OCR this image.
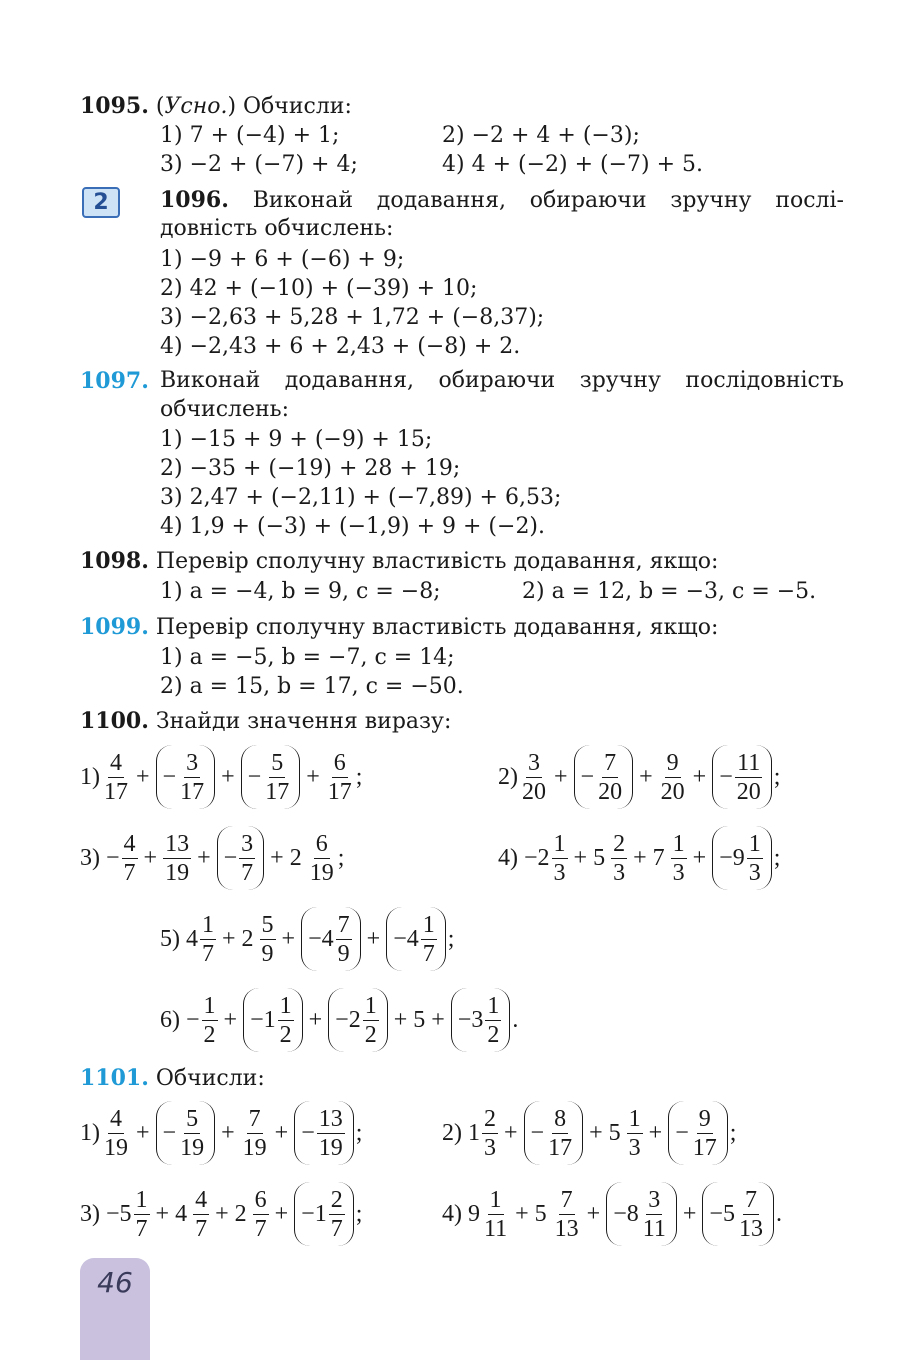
1095. (Усно.) Обчисли:
1) 7 + (−4) + 1;	2) −2 + 4 + (−3);
3) −2 + (−7) + 4;	4) 4 + (−2) + (−7) + 5.
2	1096. Виконай додавання, обираючи зручну послі-
довність обчислень:
1) −9 + 6 + (−6) + 9;
2) 42 + (−10) + (−39) + 10;
3) −2,63 + 5,28 + 1,72 + (−8,37);
4) −2,43 + 6 + 2,43 + (−8) + 2.
1097. Виконай додавання, обираючи зручну послідовність
обчислень:
1) −15 + 9 + (−9) + 15;
2) −35 + (−19) + 28 + 19;
3) 2,47 + (−2,11) + (−7,89) + 6,53;
4) 1,9 + (−3) + (−1,9) + 9 + (−2).
1098. Перевір сполучну властивість додавання, якщо:
1) a = −4, b = 9, c = −8;	2) a = 12, b = −3, c = −5.
1099. Перевір сполучну властивість додавання, якщо:
1) a = −5, b = −7, c = 14;
2) a = 15, b = 17, c = −50.
1100. Знайди значення виразу:
$1) \frac{4}{17}$ + − $\frac{3}{17}$ + − $\frac{5}{17} + \frac{6}{17}$ ;	$2) \frac{3}{20}$ + − $\frac{7}{20} + \frac{9}{20}$ + − $\frac{11}{20}$ ;
$3) - \frac{4}{7} + \frac{13}{19}$ + − $\frac{3}{7} + 2 \frac{6}{19}$ ;	$4) -2 \frac{1}{3} + 5 \frac{2}{3} + 7 \frac{1}{3} + -9 \frac{1}{3}$ ;
5) $4 \frac{1}{7} + 2 \frac{5}{9} + -4 \frac{7}{9} + -4 \frac{1}{7}$ ;
$6) - \frac{1}{2} + -1 \frac{1}{2} + -2 \frac{1}{2} + 5 + -3 \frac{1}{2}$ .
1101. Обчисли:
$1) \frac{4}{19}$ + − $\frac{5}{19} + \frac{7}{19}$ + − $\frac{13}{19}$ ;	2) $1 \frac{2}{3}$ + − $\frac{8}{17} + 5 \frac{1}{3}$ + − $\frac{9}{17}$ ;
$3) -5 \frac{1}{7} + 4 \frac{4}{7} + 2 \frac{6}{7} + -1 \frac{2}{7}$ ;	4) $9 \frac{1}{11} + 5 \frac{7}{13} + -8 \frac{3}{11} + -5 \frac{7}{13}$ .
46
